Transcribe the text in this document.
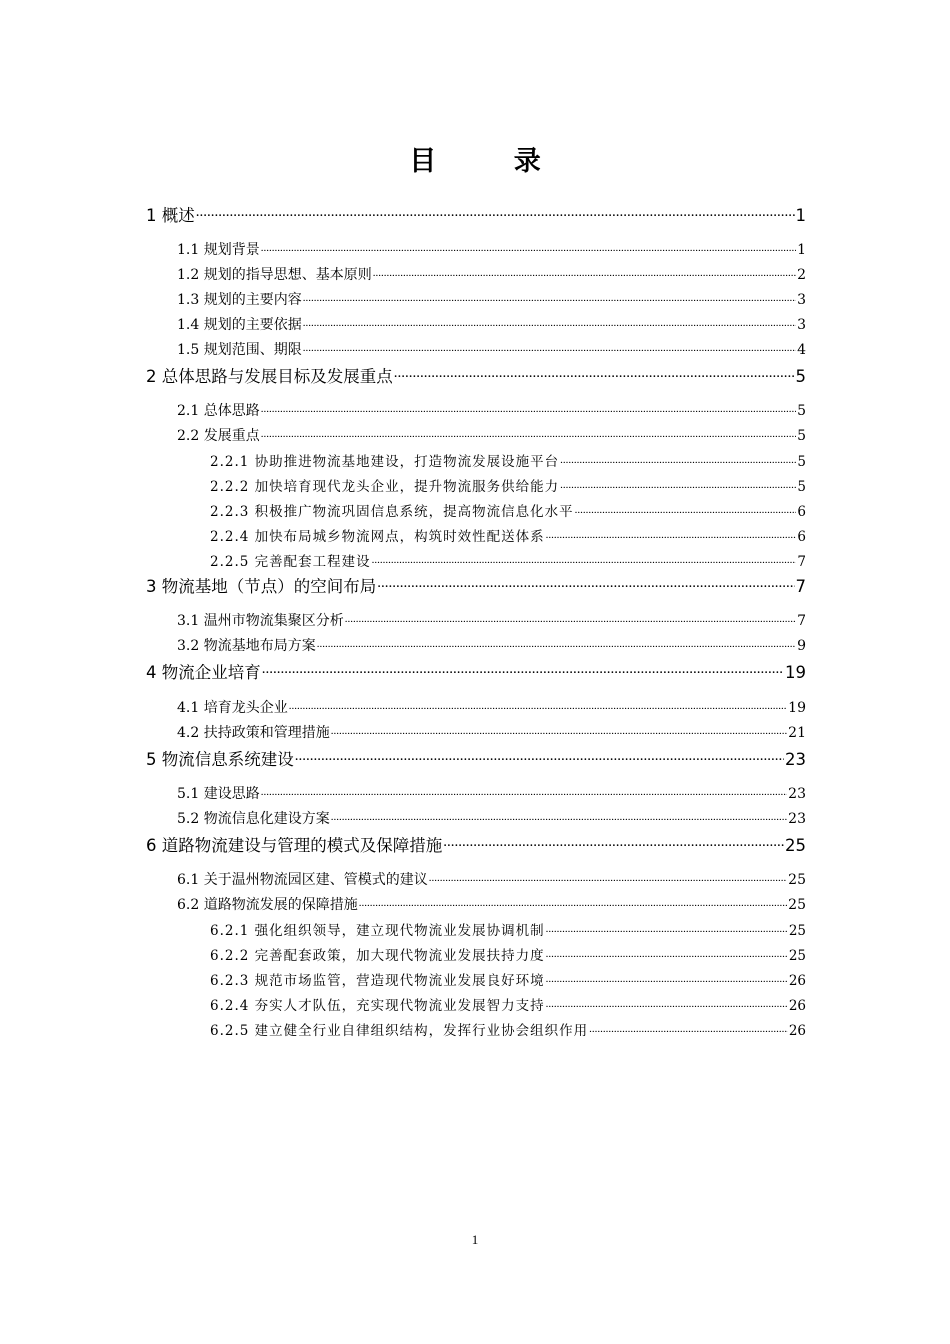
目 录
1 概述 .....	1
1.1 规划背景 .....	1
1.2 规划的指导思想、基本原则 .....	2
1.3 规划的主要内容 .....	3
1.4 规划的主要依据 .....	3
1.5 规划范围、期限 .....	4
2 总体思路与发展目标及发展重点 .....	5
2.1 总体思路 .....	5
2.2 发展重点 .....	5
2.2.1 协助推进物流基地建设，打造物流发展设施平台 .....	5
2.2.2 加快培育现代龙头企业，提升物流服务供给能力 .....	5
2.2.3 积极推广物流巩固信息系统，提高物流信息化水平 .....	6
2.2.4 加快布局城乡物流网点，构筑时效性配送体系 .....	6
2.2.5 完善配套工程建设 .....	7
3 物流基地（节点）的空间布局 .....	7
3.1 温州市物流集聚区分析 .....	7
3.2 物流基地布局方案 .....	9
4 物流企业培育 .....	19
4.1 培育龙头企业 .....	19
4.2 扶持政策和管理措施 .....	21
5 物流信息系统建设 .....	23
5.1 建设思路 .....	23
5.2 物流信息化建设方案 .....	23
6 道路物流建设与管理的模式及保障措施 .....	25
6.1 关于温州物流园区建、管模式的建议 .....	25
6.2 道路物流发展的保障措施 .....	25
6.2.1 强化组织领导，建立现代物流业发展协调机制 .....	25
6.2.2 完善配套政策，加大现代物流业发展扶持力度 .....	25
6.2.3 规范市场监管，营造现代物流业发展良好环境 .....	26
6.2.4 夯实人才队伍，充实现代物流业发展智力支持 .....	26
6.2.5 建立健全行业自律组织结构，发挥行业协会组织作用 .....	26
1
